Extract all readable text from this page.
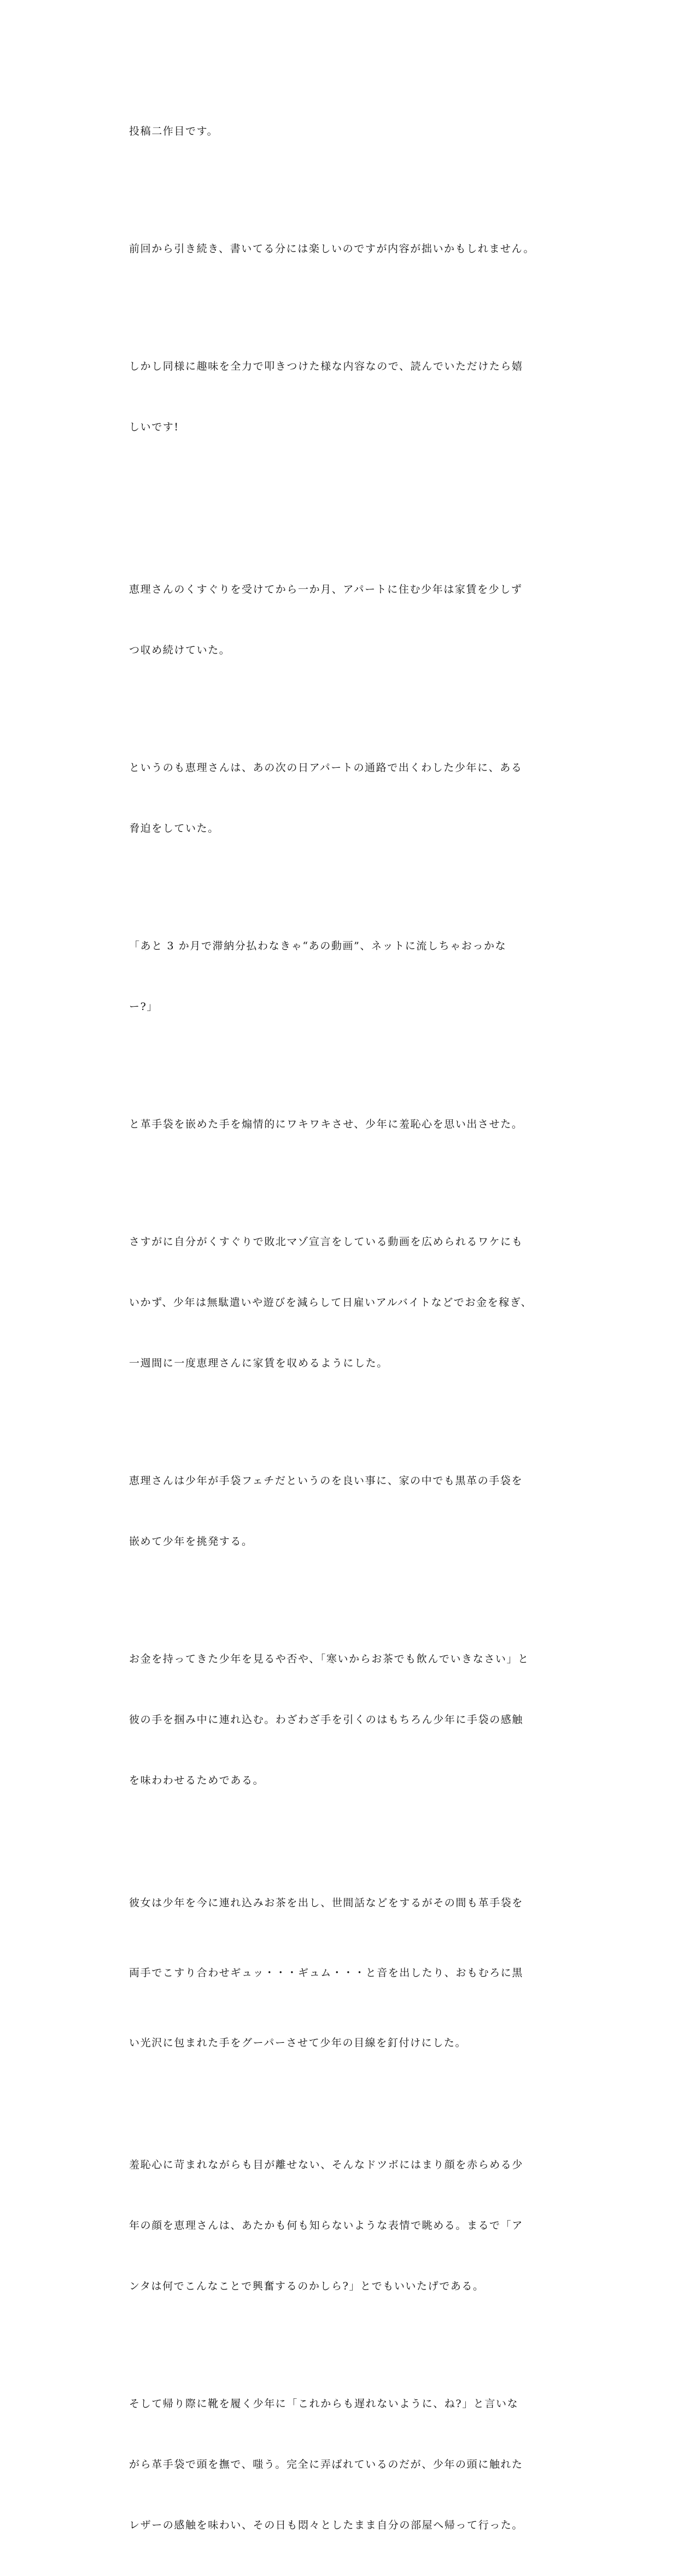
投稿二作目です。

前回から引き続き、書いてる分には楽しいのですが内容が拙いかもしれません。

しかし同様に趣味を全力で叩きつけた様な内容なので、読んでいただけたら嬉

しいです!

恵理さんのくすぐりを受けてから一か月、アパートに住む少年は家賃を少しず

つ収め続けていた。

というのも恵理さんは、あの次の日アパートの通路で出くわした少年に、ある

脅迫をしていた。

「あと 3 か月で滞納分払わなきゃ“あの動画”、ネットに流しちゃおっかな

ー?」

と革手袋を嵌めた手を煽情的にワキワキさせ、少年に羞恥心を思い出させた。

さすがに自分がくすぐりで敗北マゾ宣言をしている動画を広められるワケにも

いかず、少年は無駄遣いや遊びを減らして日雇いアルバイトなどでお金を稼ぎ、

一週間に一度恵理さんに家賃を収めるようにした。

恵理さんは少年が手袋フェチだというのを良い事に、家の中でも黒革の手袋を

嵌めて少年を挑発する。

お金を持ってきた少年を見るや否や、「寒いからお茶でも飲んでいきなさい」と

彼の手を掴み中に連れ込む。わざわざ手を引くのはもちろん少年に手袋の感触

を味わわせるためである。

彼女は少年を今に連れ込みお茶を出し、世間話などをするがその間も革手袋を

両手でこすり合わせギュッ・・・ギュム・・・と音を出したり、おもむろに黒

い光沢に包まれた手をグーパーさせて少年の目線を釘付けにした。

羞恥心に苛まれながらも目が離せない、そんなドツボにはまり顔を赤らめる少

年の顔を恵理さんは、あたかも何も知らないような表情で眺める。まるで「ア

ンタは何でこんなことで興奮するのかしら?」とでもいいたげである。

そして帰り際に靴を履く少年に「これからも遅れないように、ね?」と言いな

がら革手袋で頭を撫で、嗤う。完全に弄ばれているのだが、少年の頭に触れた

レザーの感触を味わい、その日も悶々としたまま自分の部屋へ帰って行った。
